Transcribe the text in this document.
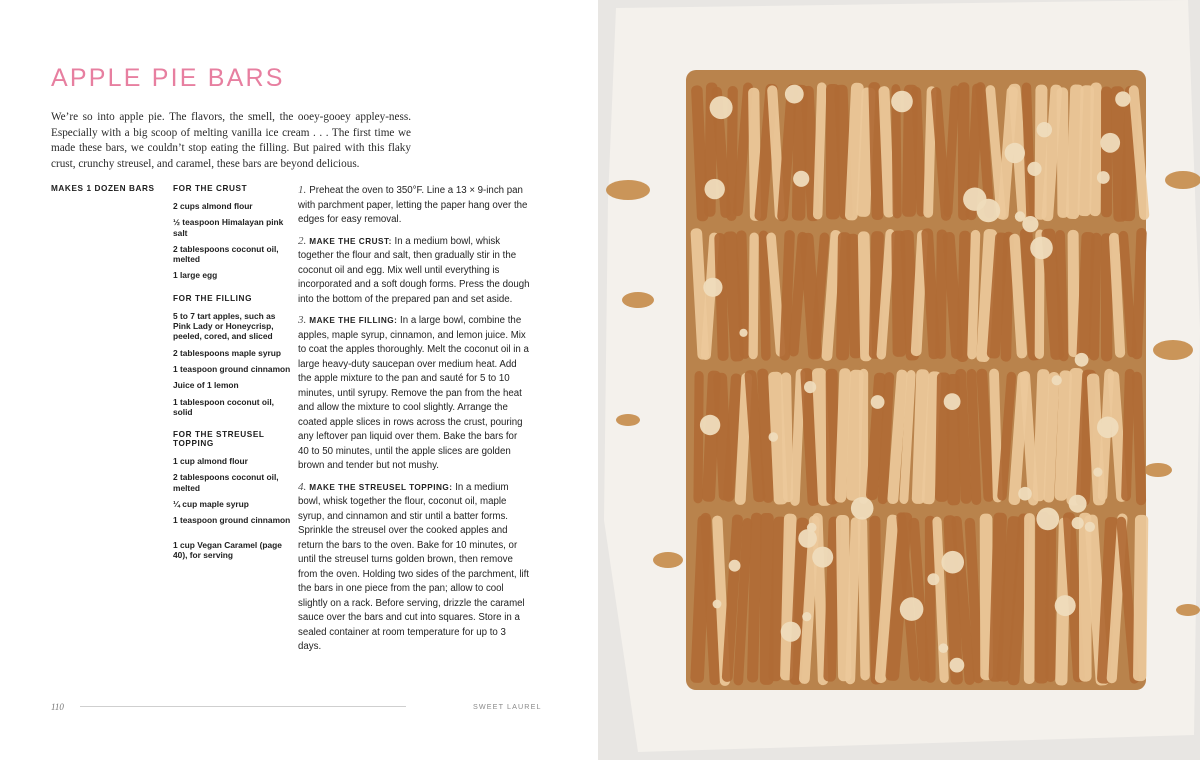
APPLE PIE BARS

We’re so into apple pie. The flavors, the smell, the ooey-gooey appley-ness. Especially with a big scoop of melting vanilla ice cream . . . The first time we made these bars, we couldn’t stop eating the filling. But paired with this flaky crust, crunchy streusel, and caramel, these bars are beyond delicious.

MAKES 1 DOZEN BARS FOR THE CRUST

2 cups almond flour
½ teaspoon Himalayan pink salt
2 tablespoons coconut oil, melted
1 large egg

FOR THE FILLING

5 to 7 tart apples, such as Pink Lady or Honeycrisp, peeled, cored, and sliced
2 tablespoons maple syrup
1 teaspoon ground cinnamon
Juice of 1 lemon
1 tablespoon coconut oil, solid

FOR THE STREUSEL TOPPING

1 cup almond flour
2 tablespoons coconut oil, melted
¼ cup maple syrup
1 teaspoon ground cinnamon
1 cup Vegan Caramel (page 40), for serving

1. Preheat the oven to 350°F. Line a 13 × 9-inch pan with parchment paper, letting the paper hang over the edges for easy removal.

2. MAKE THE CRUST: In a medium bowl, whisk together the flour and salt, then gradually stir in the coconut oil and egg. Mix well until everything is incorporated and a soft dough forms. Press the dough into the bottom of the prepared pan and set aside.

3. MAKE THE FILLING: In a large bowl, combine the apples, maple syrup, cinnamon, and lemon juice. Mix to coat the apples thoroughly. Melt the coconut oil in a large heavy-duty saucepan over medium heat. Add the apple mixture to the pan and sauté for 5 to 10 minutes, until syrupy. Remove the pan from the heat and allow the mixture to cool slightly. Arrange the coated apple slices in rows across the crust, pouring any leftover pan liquid over them. Bake the bars for 40 to 50 minutes, until the apple slices are golden brown and tender but not mushy.

4. MAKE THE STREUSEL TOPPING: In a medium bowl, whisk together the flour, coconut oil, maple syrup, and cinnamon and stir until a batter forms. Sprinkle the streusel over the cooked apples and return the bars to the oven. Bake for 10 minutes, or until the streusel turns golden brown, then remove from the oven. Holding two sides of the parchment, lift the bars in one piece from the pan; allow to cool slightly on a rack. Before serving, drizzle the caramel sauce over the bars and cut into squares. Store in a sealed container at room temperature for up to 3 days.

110	SWEET LAUREL
